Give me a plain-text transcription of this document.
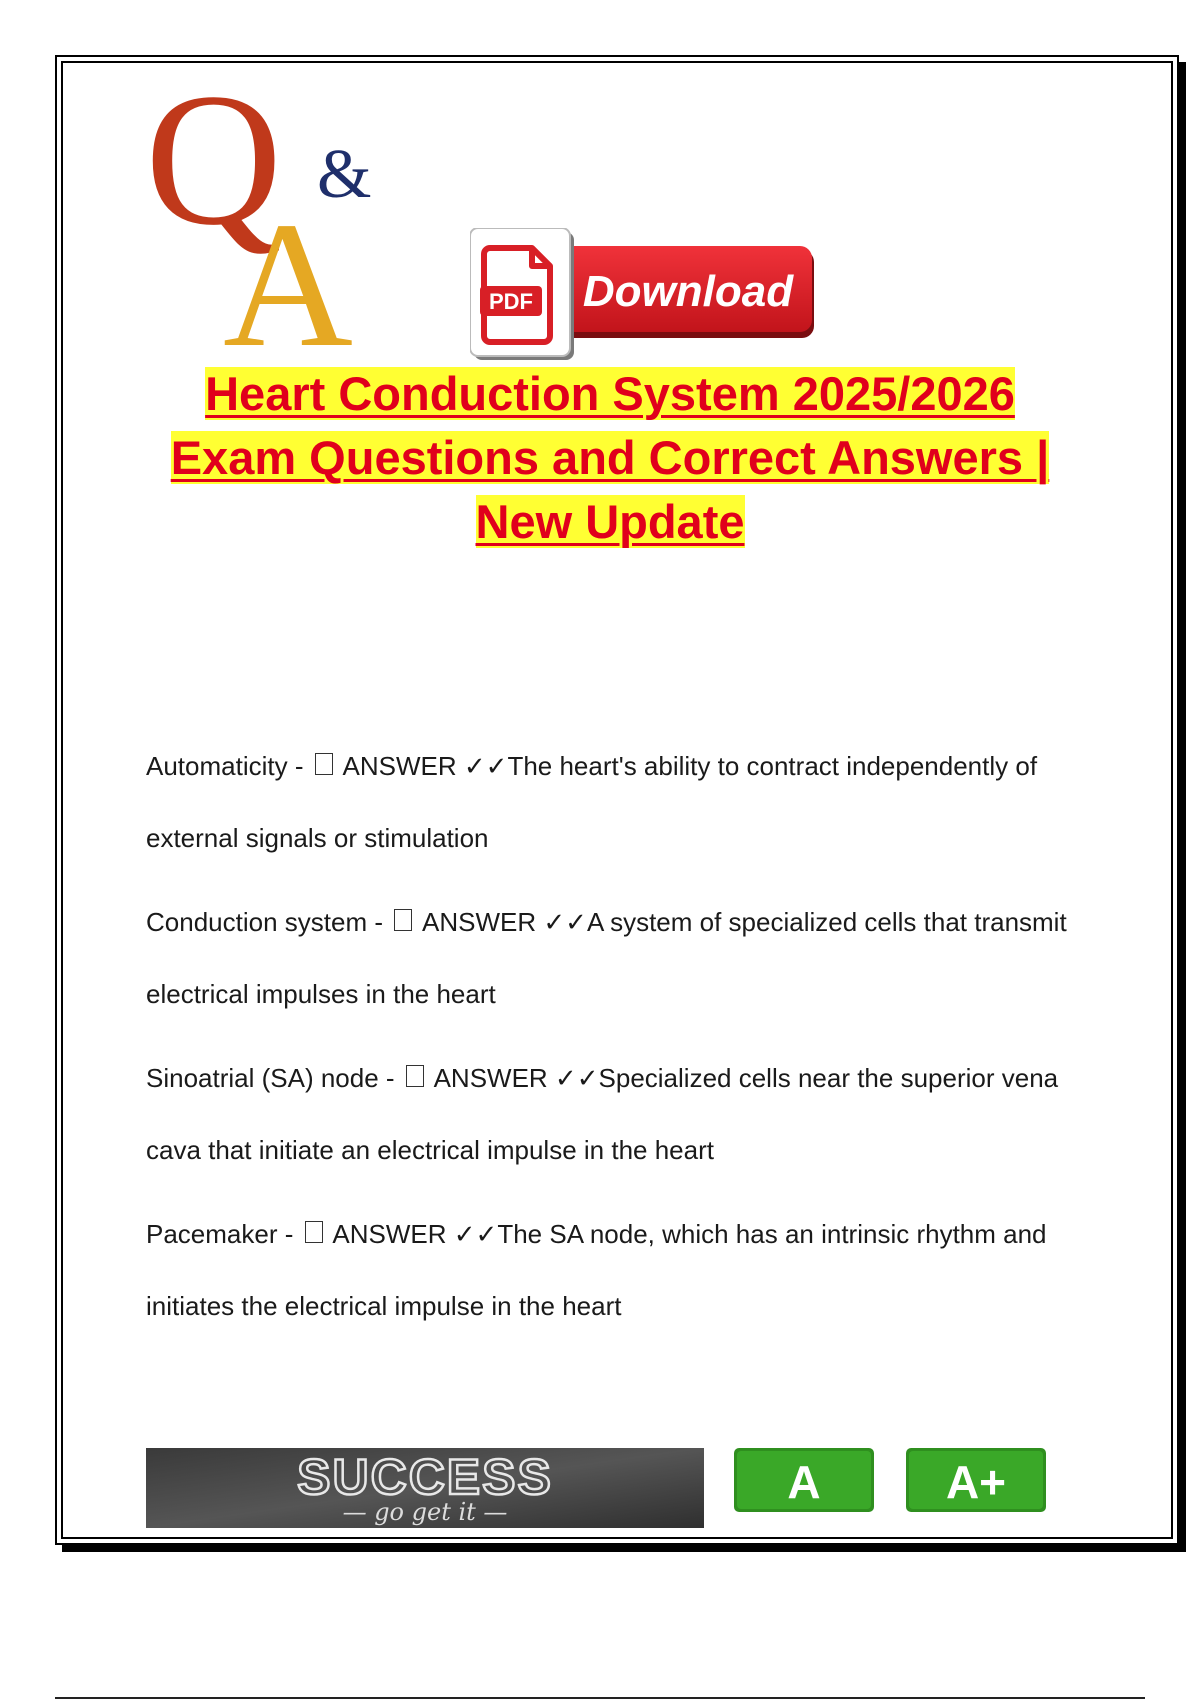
Q &
A	Download
PDF
Heart Conduction System 2025/2026
Exam Questions and Correct Answers |
New Update
Automaticity -  ANSWER ✓✓The heart's ability to contract independently of external signals or stimulation
Conduction system -  ANSWER ✓✓A system of specialized cells that transmit electrical impulses in the heart
Sinoatrial (SA) node -  ANSWER ✓✓Specialized cells near the superior vena cava that initiate an electrical impulse in the heart
Pacemaker -  ANSWER ✓✓The SA node, which has an intrinsic rhythm and initiates the electrical impulse in the heart
SUCCESS
— go get it —
A	A+
